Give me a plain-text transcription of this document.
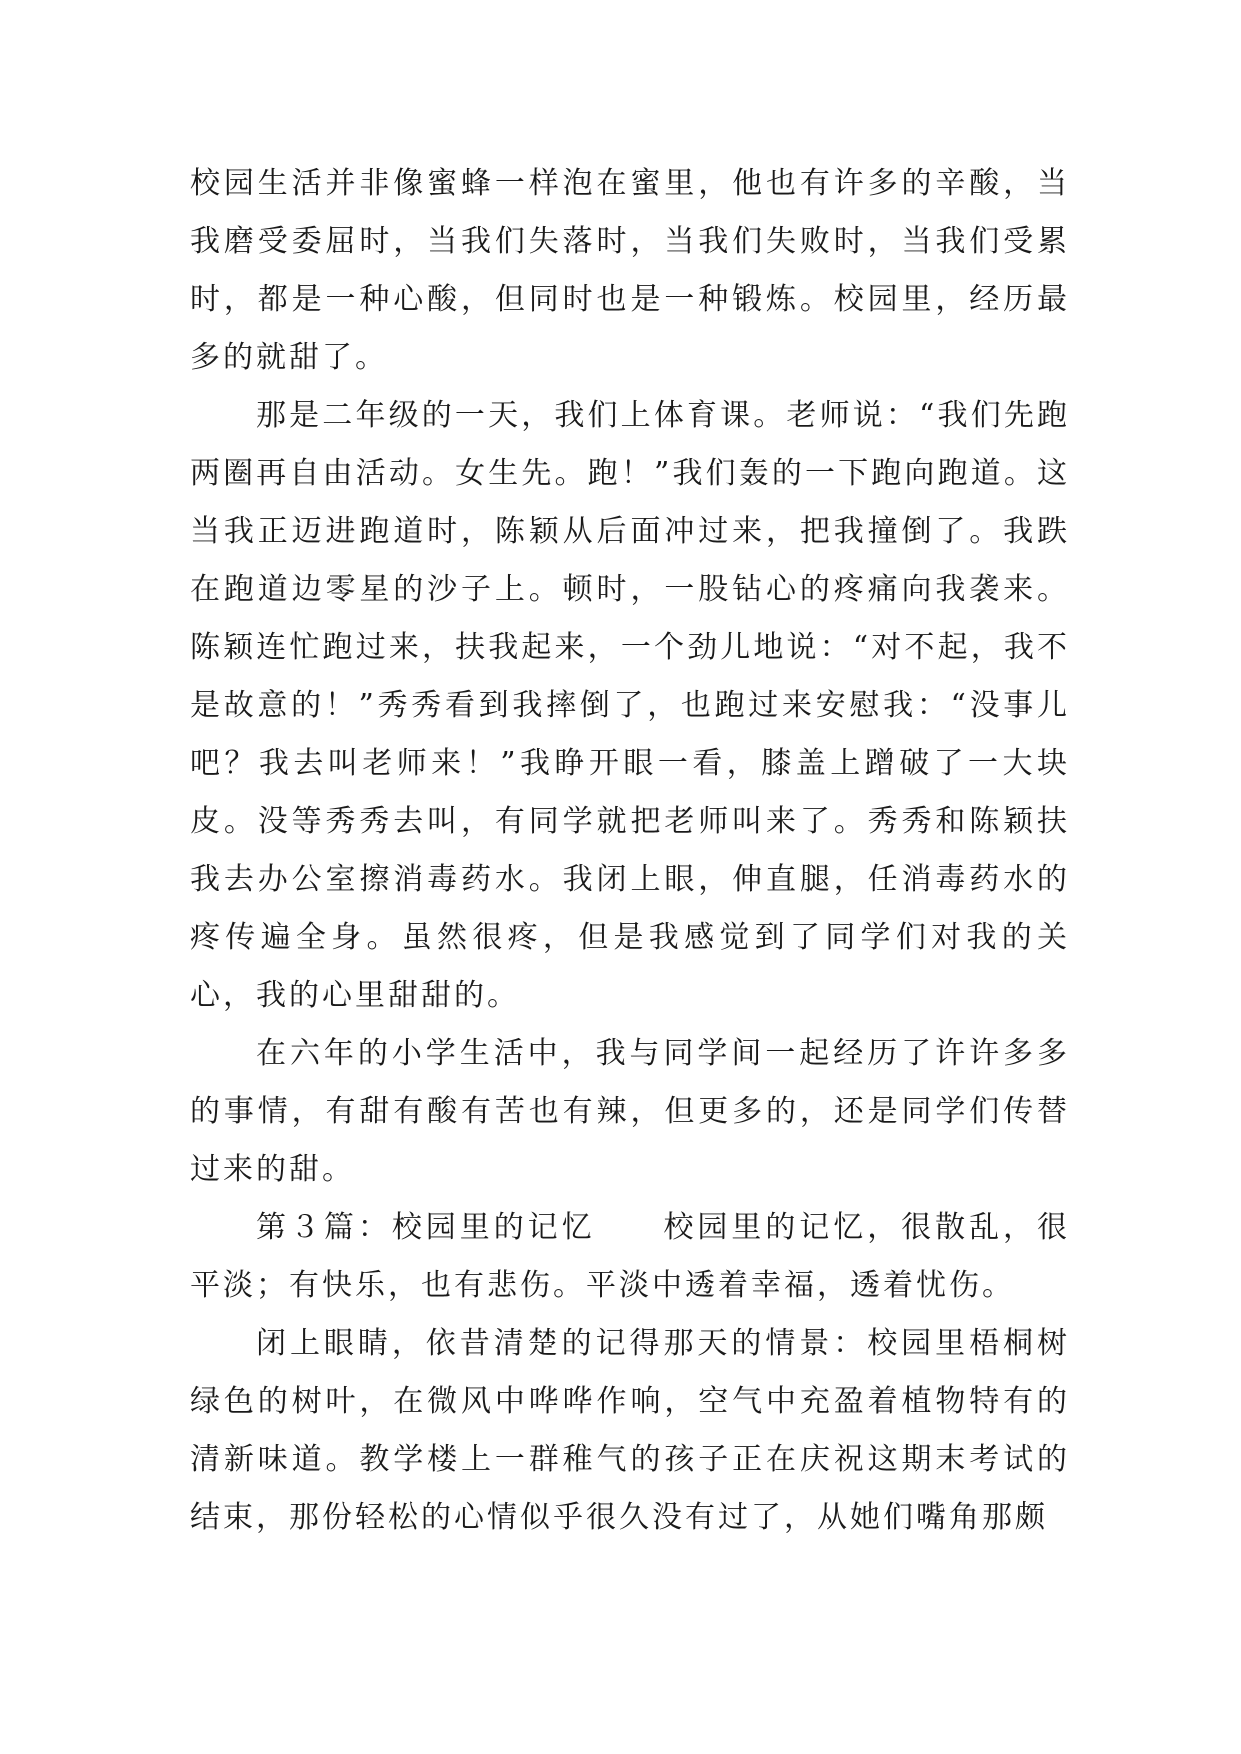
校园生活并非像蜜蜂一样泡在蜜里，他也有许多的辛酸，当我磨受委屈时，当我们失落时，当我们失败时，当我们受累时，都是一种心酸，但同时也是一种锻炼。校园里，经历最多的就甜了。

那是二年级的一天，我们上体育课。老师说：“我们先跑两圈再自由活动。女生先。跑！”我们轰的一下跑向跑道。这当我正迈进跑道时，陈颖从后面冲过来，把我撞倒了。我跌在跑道边零星的沙子上。顿时，一股钻心的疼痛向我袭来。陈颖连忙跑过来，扶我起来，一个劲儿地说：“对不起，我不是故意的！”秀秀看到我摔倒了，也跑过来安慰我：“没事儿吧？我去叫老师来！”我睁开眼一看，膝盖上蹭破了一大块皮。没等秀秀去叫，有同学就把老师叫来了。秀秀和陈颖扶我去办公室擦消毒药水。我闭上眼，伸直腿，任消毒药水的疼传遍全身。虽然很疼，但是我感觉到了同学们对我的关心，我的心里甜甜的。

在六年的小学生活中，我与同学间一起经历了许许多多的事情，有甜有酸有苦也有辣，但更多的，还是同学们传替过来的甜。

第３篇：校园里的记忆　　校园里的记忆，很散乱，很平淡；有快乐，也有悲伤。平淡中透着幸福，透着忧伤。

闭上眼睛，依昔清楚的记得那天的情景：校园里梧桐树绿色的树叶，在微风中哗哗作响，空气中充盈着植物特有的清新味道。教学楼上一群稚气的孩子正在庆祝这期末考试的结束，那份轻松的心情似乎很久没有过了，从她们嘴角那颇
